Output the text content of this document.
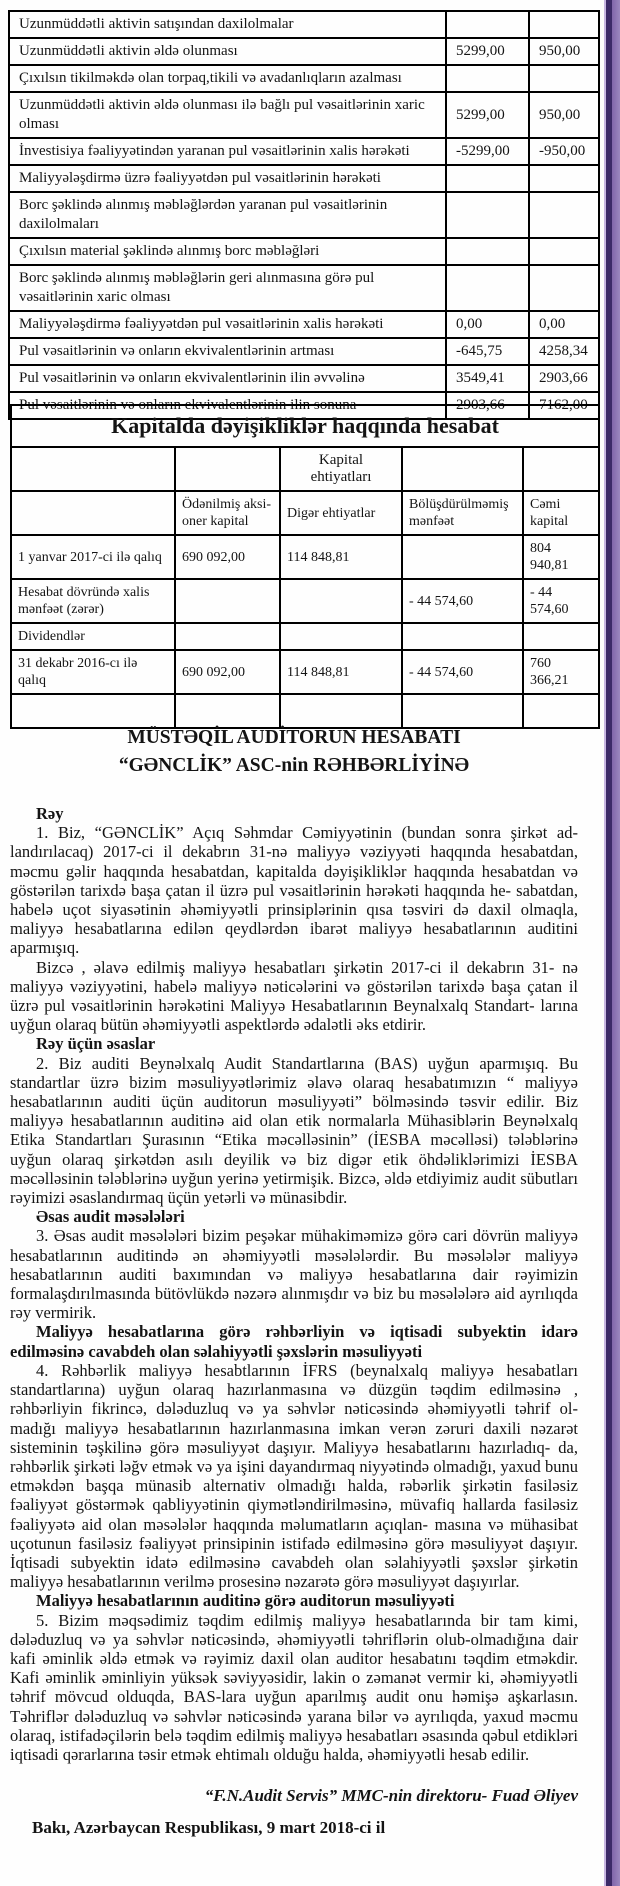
Uzunmüddətli aktivin satışından daxilolmalar		
Uzunmüddətli aktivin əldə olunması	5299,00	950,00
Çıxılsın tikilməkdə olan torpaq,tikili və avadanlıqların azalması		
Uzunmüddətli aktivin əldə olunması ilə bağlı pul vəsaitlərinin xaric olması	5299,00	950,00
İnvestisiya fəaliyyətindən yaranan pul vəsaitlərinin xalis hərəkəti	-5299,00	-950,00
Maliyyələşdirmə üzrə fəaliyyətdən pul vəsaitlərinin hərəkəti		
Borc şəklində alınmış məbləğlərdən yaranan pul vəsaitlərinin daxilolmaları		
Çıxılsın material şəklində alınmış borc məbləğləri		
Borc şəklində alınmış məbləğlərin geri alınmasına görə pul vəsaitlərinin xaric olması		
Maliyyələşdirmə fəaliyyətdən pul vəsaitlərinin xalis hərəkəti	0,00	0,00
Pul vəsaitlərinin və onların ekvivalentlərinin artması	-645,75	4258,34
Pul vəsaitlərinin və onların ekvivalentlərinin ilin əvvəlinə	3549,41	2903,66
Pul vəsaitlərinin və onların ekvivalentlərinin ilin sonuna	2903,66	7162,00
Kapitalda dəyişikliklər haqqında hesabat				
		Kapital ehtiyatları		
	Ödənilmiş aksi-oner kapital	Digər ehtiyatlar	Bölüşdürülməmiş mənfəət	Cəmi kapital
1 yanvar 2017-ci ilə qalıq	690 092,00	114 848,81		804 940,81
Hesabat dövründə xalis mənfəət (zərər)			- 44 574,60	- 44 574,60
Dividendlər				
31 dekabr 2016-cı ilə qalıq	690 092,00	114 848,81	- 44 574,60	760 366,21

MÜSTƏQİL AUDİTORUN HESABATI
“GƏNCLİK” ASC-nin RƏHBƏRLİYİNƏ

Rəy

1. Biz, “GƏNCLİK” Açıq Səhmdar Cəmiyyətinin (bundan sonra şirkət ad- landırılacaq) 2017-ci il dekabrın 31-nə maliyyə vəziyyəti haqqında hesabatdan, məcmu gəlir haqqında hesabatdan, kapitalda dəyişikliklər haqqında hesabatdan və göstərilən tarixdə başa çatan il üzrə pul vəsaitlərinin hərəkəti haqqında he- sabatdan, habelə uçot siyasətinin əhəmiyyətli prinsiplərinin qısa təsviri də daxil olmaqla, maliyyə hesabatlarına edilən qeydlərdən ibarət maliyyə hesabatlarının auditini aparmışıq.

Bizcə , əlavə edilmiş maliyyə hesabatları şirkətin 2017-ci il dekabrın 31- nə maliyyə vəziyyətini, habelə maliyyə nəticələrini və göstərilən tarixdə başa çatan il üzrə pul vəsaitlərinin hərəkətini Maliyyə Hesabatlarının Beynalxalq Standart- larına uyğun olaraq bütün əhəmiyyətli aspektlərdə ədalətli əks etdirir.

Rəy üçün əsaslar

2. Biz auditi Beynəlxalq Audit Standartlarına (BAS) uyğun aparmışıq. Bu standartlar üzrə bizim məsuliyyətlərimiz əlavə olaraq hesabatımızın “ maliyyə hesabatlarının auditi üçün auditorun məsuliyyəti” bölməsində təsvir edilir. Biz maliyyə hesabatlarının auditinə aid olan etik normalarla Mühasiblərin Beynəlxalq Etika Standartları Şurasının “Etika məcəlləsinin” (İESBA məcəlləsi) tələblərinə uyğun olaraq şirkətdən asılı deyilik və biz digər etik öhdəliklərimizi İESBA məcəlləsinin tələblərinə uyğun yerinə yetirmişik. Bizcə, əldə etdiyimiz audit sübutları rəyimizi əsaslandırmaq üçün yetərli və münasibdir.

Əsas audit məsələləri

3. Əsas audit məsələləri bizim peşəkar mühakiməmizə görə cari dövrün maliyyə hesabatlarının auditində ən əhəmiyyətli məsələlərdir. Bu məsələlər maliyyə hesabatlarının auditi baxımından və maliyyə hesabatlarına dair rəyimizin formalaşdırılmasında bütövlükdə nəzərə alınmışdır və biz bu məsələlərə aid ayrılıqda rəy vermirik.

Maliyyə hesabatlarına görə rəhbərliyin və iqtisadi subyektin idarə edilməsinə cavabdeh olan səlahiyyətli şəxslərin məsuliyyəti

4. Rəhbərlik maliyyə hesabtlarının İFRS (beynalxalq maliyyə hesabatları standartlarına) uyğun olaraq hazırlanmasına və düzgün təqdim edilməsinə , rəhbərliyin fikrincə, dələduzluq və ya səhvlər nəticəsində əhəmiyyətli təhrif ol- madığı maliyyə hesabatlarının hazırlanmasına imkan verən zəruri daxili nəzarət sisteminin təşkilinə görə məsuliyyət daşıyır. Maliyyə hesabatlarını hazırladıq- da, rəhbərlik şirkəti ləğv etmək və ya işini dayandırmaq niyyətində olmadığı, yaxud bunu etməkdən başqa münasib alternativ olmadığı halda, rəbərlik şirkətin fasiləsiz fəaliyyət göstərmək qabliyyətinin qiymətləndirilməsinə, müvafiq hallarda fasiləsiz fəaliyyətə aid olan məsələlər haqqında məlumatların açıqlan- masına və mühasibat uçotunun fasiləsiz fəaliyyət prinsipinin istifadə edilməsinə görə məsuliyyət daşıyır. İqtisadi subyektin idatə edilməsinə cavabdeh olan səlahiyyətli şəxslər şirkətin maliyyə hesabatlarının verilmə prosesinə nəzarətə görə məsuliyyət daşıyırlar.

Maliyyə hesabatlarının auditinə görə auditorun məsuliyyəti

5. Bizim məqsədimiz təqdim edilmiş maliyyə hesabatlarında bir tam kimi, dələduzluq və ya səhvlər nəticəsində, əhəmiyyətli təhriflərin olub-olmadığına dair kafi əminlik əldə etmək və rəyimiz daxil olan auditor hesabatını təqdim etməkdir. Kafi əminlik əminliyin yüksək səviyyəsidir, lakin o zəmanət vermir ki, əhəmiyyətli təhrif mövcud olduqda, BAS-lara uyğun aparılmış audit onu həmişə aşkarlasın. Təhriflər dələduzluq və səhvlər nəticəsində yarana bilər və ayrılıqda, yaxud məcmu olaraq, istifadəçilərin belə təqdim edilmiş maliyyə hesabatları əsasında qəbul etdikləri iqtisadi qərarlarına təsir etmək ehtimalı olduğu halda, əhəmiyyətli hesab edilir.

“F.N.Audit Servis” MMC-nin direktoru- Fuad Əliyev

Bakı, Azərbaycan Respublikası, 9 mart 2018-ci il
